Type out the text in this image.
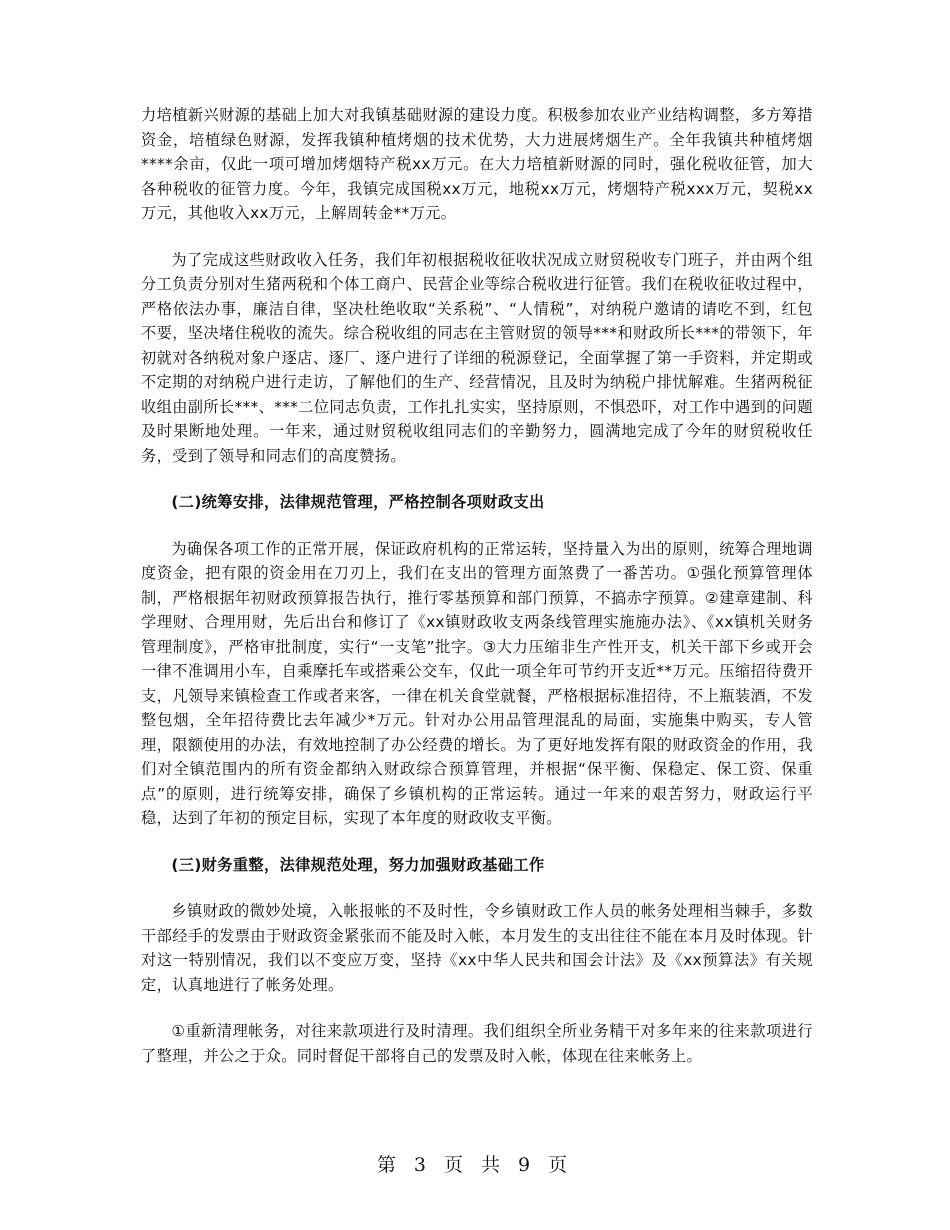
力培植新兴财源的基础上加大对我镇基础财源的建设力度。积极参加农业产业结构调整，多方筹措资金，培植绿色财源，发挥我镇种植烤烟的技术优势，大力进展烤烟生产。全年我镇共种植烤烟****余亩，仅此一项可增加烤烟特产税xx万元。在大力培植新财源的同时，强化税收征管，加大各种税收的征管力度。今年，我镇完成国税xx万元，地税xx万元，烤烟特产税xxx万元，契税xx万元，其他收入xx万元，上解周转金**万元。

为了完成这些财政收入任务，我们年初根据税收征收状况成立财贸税收专门班子，并由两个组分工负责分别对生猪两税和个体工商户、民营企业等综合税收进行征管。我们在税收征收过程中，严格依法办事，廉洁自律，坚决杜绝收取“关系税”、“人情税”，对纳税户邀请的请吃不到，红包不要，坚决堵住税收的流失。综合税收组的同志在主管财贸的领导***和财政所长***的带领下，年初就对各纳税对象户逐店、逐厂、逐户进行了详细的税源登记，全面掌握了第一手资料，并定期或不定期的对纳税户进行走访，了解他们的生产、经营情况，且及时为纳税户排忧解难。生猪两税征收组由副所长***、***二位同志负责，工作扎扎实实，坚持原则，不惧恐吓，对工作中遇到的问题及时果断地处理。一年来，通过财贸税收组同志们的辛勤努力，圆满地完成了今年的财贸税收任务，受到了领导和同志们的高度赞扬。

(二)统筹安排，法律规范管理，严格控制各项财政支出

为确保各项工作的正常开展，保证政府机构的正常运转，坚持量入为出的原则，统筹合理地调度资金，把有限的资金用在刀刃上，我们在支出的管理方面煞费了一番苦功。①强化预算管理体制，严格根据年初财政预算报告执行，推行零基预算和部门预算，不搞赤字预算。②建章建制、科学理财、合理用财，先后出台和修订了《xx镇财政收支两条线管理实施施办法》、《xx镇机关财务管理制度》，严格审批制度，实行“一支笔”批字。③大力压缩非生产性开支，机关干部下乡或开会一律不准调用小车，自乘摩托车或搭乘公交车，仅此一项全年可节约开支近**万元。压缩招待费开支，凡领导来镇检查工作或者来客，一律在机关食堂就餐，严格根据标准招待，不上瓶装酒，不发整包烟，全年招待费比去年减少*万元。针对办公用品管理混乱的局面，实施集中购买，专人管理，限额使用的办法，有效地控制了办公经费的增长。为了更好地发挥有限的财政资金的作用，我们对全镇范围内的所有资金都纳入财政综合预算管理，并根据“保平衡、保稳定、保工资、保重点”的原则，进行统筹安排，确保了乡镇机构的正常运转。通过一年来的艰苦努力，财政运行平稳，达到了年初的预定目标，实现了本年度的财政收支平衡。

(三)财务重整，法律规范处理，努力加强财政基础工作

乡镇财政的微妙处境，入帐报帐的不及时性，令乡镇财政工作人员的帐务处理相当棘手，多数干部经手的发票由于财政资金紧张而不能及时入帐，本月发生的支出往往不能在本月及时体现。针对这一特别情况，我们以不变应万变，坚持《xx中华人民共和国会计法》及《xx预算法》有关规定，认真地进行了帐务处理。

①重新清理帐务，对往来款项进行及时清理。我们组织全所业务精干对多年来的往来款项进行了整理，并公之于众。同时督促干部将自己的发票及时入帐，体现在往来帐务上。

第 3 页 共 9 页
